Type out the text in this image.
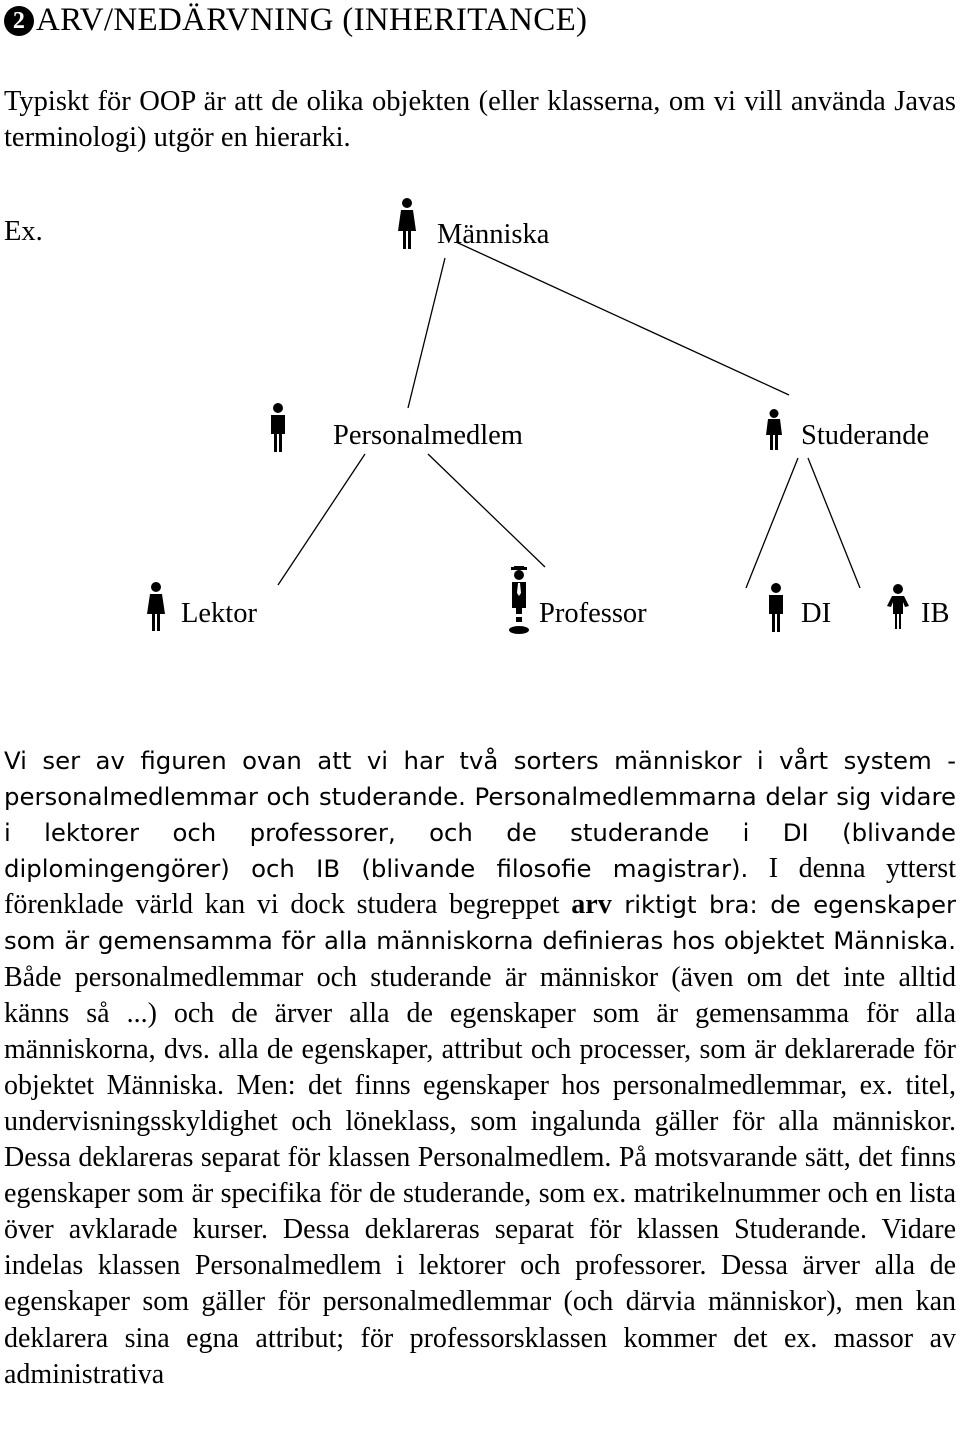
2 ARV/NEDÄRVNING (INHERITANCE)

Typiskt för OOP är att de olika objekten (eller klasserna, om vi vill använda Javas terminologi) utgör en hierarki.

Ex.	Människa
Personalmedlem	Studerande
Lektor	Professor	DI	IB

Vi ser av figuren ovan att vi har två sorters människor i vårt system - personalmedlemmar och studerande. Personalmedlemmarna delar sig vidare i lektorer och professorer, och de studerande i DI (blivande diplomingengörer) och IB (blivande filosofie magistrar). I denna ytterst förenklade värld kan vi dock studera begreppet arv riktigt bra: de egenskaper som är gemensamma för alla människorna definieras hos objektet Människa. Både personalmedlemmar och studerande är människor (även om det inte alltid känns så ...) och de ärver alla de egenskaper som är gemensamma för alla människorna, dvs. alla de egenskaper, attribut och processer, som är deklarerade för objektet Människa. Men: det finns egenskaper hos personalmedlemmar, ex. titel, undervisningsskyldighet och löneklass, som ingalunda gäller för alla människor. Dessa deklareras separat för klassen Personalmedlem. På motsvarande sätt, det finns egenskaper som är specifika för de studerande, som ex. matrikelnummer och en lista över avklarade kurser. Dessa deklareras separat för klassen Studerande. Vidare indelas klassen Personalmedlem i lektorer och professorer. Dessa ärver alla de egenskaper som gäller för personalmedlemmar (och därvia människor), men kan deklarera sina egna attribut; för professorsklassen kommer det ex. massor av administrativa
